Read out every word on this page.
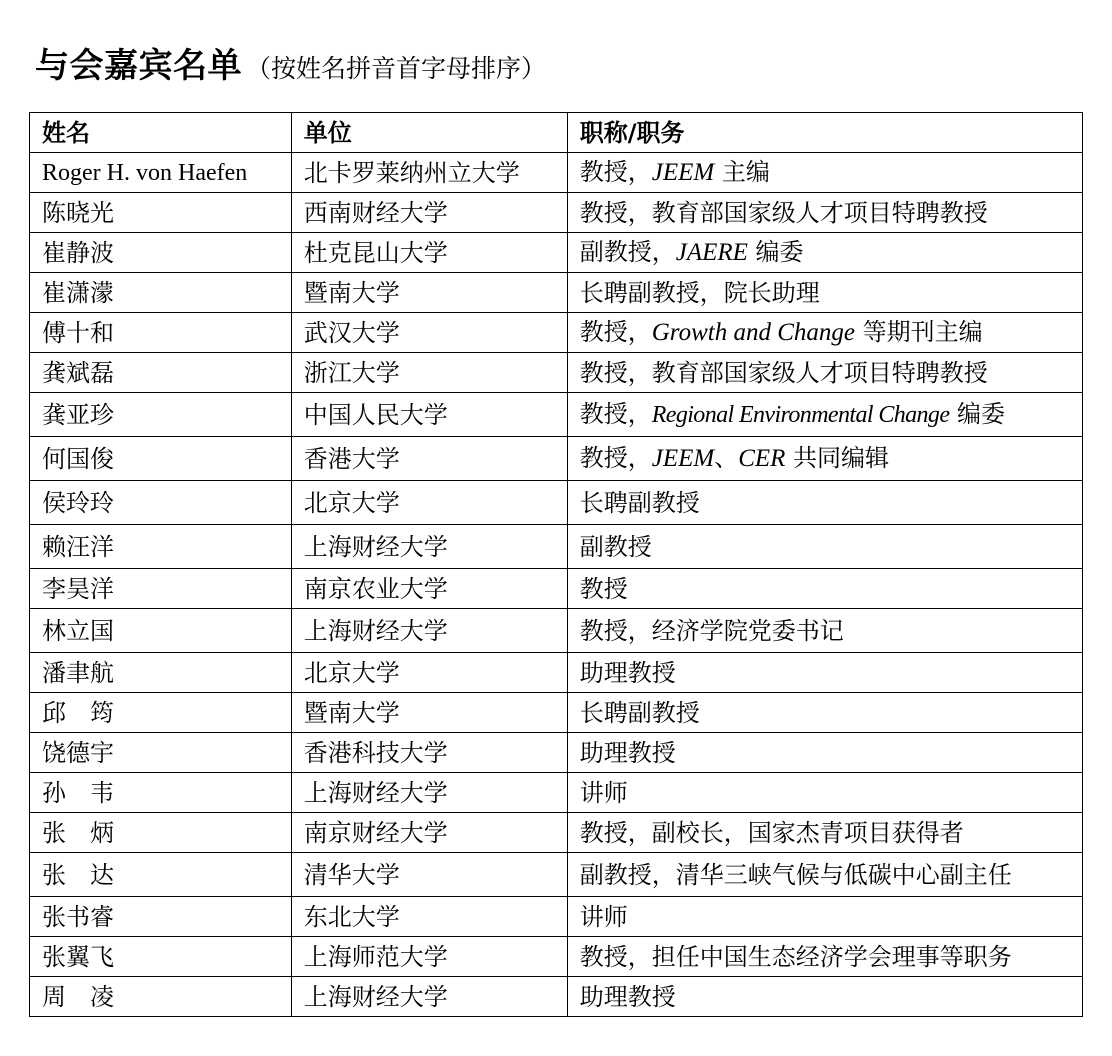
与会嘉宾名单 （按姓名拼音首字母排序）
姓名	单位	职称/职务
Roger H. von Haefen	北卡罗莱纳州立大学	教授，JEEM 主编
陈晓光	西南财经大学	教授，教育部国家级人才项目特聘教授
崔静波	杜克昆山大学	副教授，JAERE 编委
崔潇濛	暨南大学	长聘副教授，院长助理
傅十和	武汉大学	教授，Growth and Change 等期刊主编
龚斌磊	浙江大学	教授，教育部国家级人才项目特聘教授
龚亚珍	中国人民大学	教授，Regional Environmental Change 编委
何国俊	香港大学	教授，JEEM、CER 共同编辑
侯玲玲	北京大学	长聘副教授
赖汪洋	上海财经大学	副教授
李昊洋	南京农业大学	教授
林立国	上海财经大学	教授，经济学院党委书记
潘聿航	北京大学	助理教授
邱筠	暨南大学	长聘副教授
饶德宇	香港科技大学	助理教授
孙韦	上海财经大学	讲师
张炳	南京财经大学	教授，副校长，国家杰青项目获得者
张达	清华大学	副教授，清华三峡气候与低碳中心副主任
张书睿	东北大学	讲师
张翼飞	上海师范大学	教授，担任中国生态经济学会理事等职务
周凌	上海财经大学	助理教授
